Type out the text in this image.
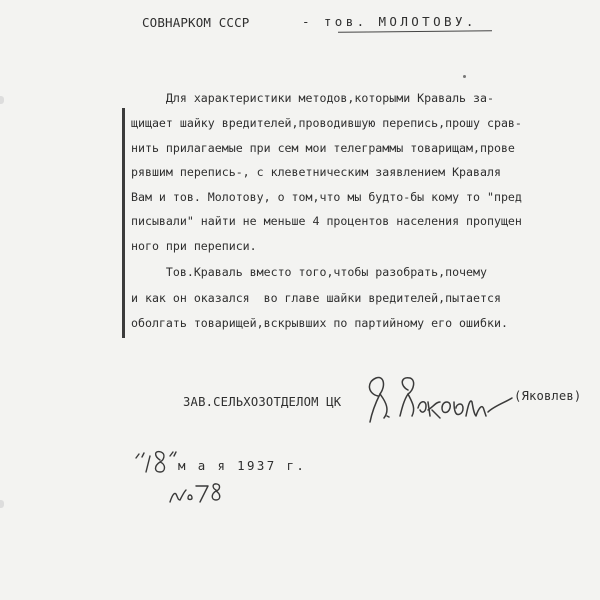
СОВНАРКОМ СССР	- тов. МОЛОТОВУ.
Для характеристики методов,которыми Краваль за-
щищает шайку вредителей,проводившую перепись,прошу срав-
нить прилагаемые при сем мои телеграммы товарищам,прове
рявшим перепись-, с клеветническим заявлением Краваля
Вам и тов. Молотову, о том,что мы будто-бы кому то "пред
писывали" найти не меньше 4 процентов населения пропущен
ного при переписи.
Тов.Краваль вместо того,чтобы разобрать,почему
и как он оказался  во главе шайки вредителей,пытается
оболгать товарищей,вскрывших по партийному его ошибки.
ЗАВ.СЕЛЬХОЗОТДЕЛОМ ЦК	(Яковлев)
м а я 1937 г.
